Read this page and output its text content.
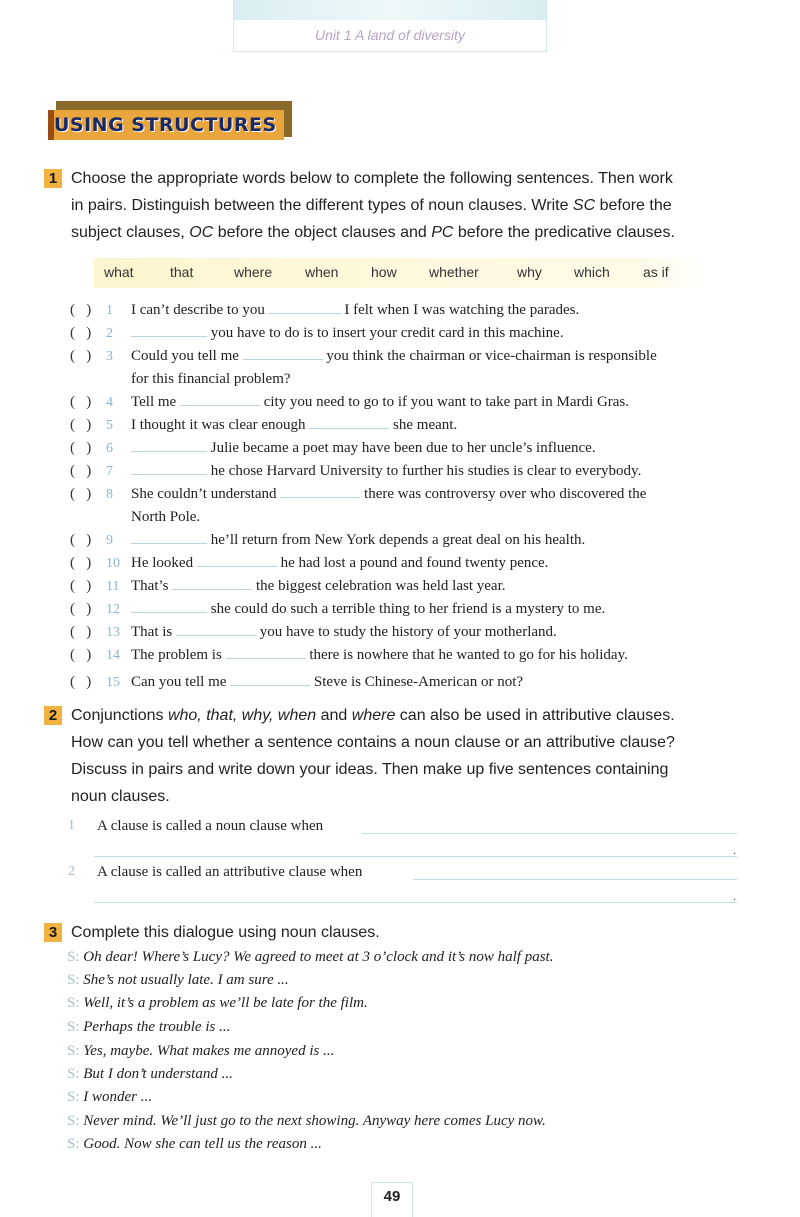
Unit 1 A land of diversity
USING STRUCTURES
1 Choose the appropriate words below to complete the following sentences. Then work
in pairs. Distinguish between the different types of noun clauses. Write SC before the
subject clauses, OC before the object clauses and PC before the predicative clauses.
what	that	where when how whether	why which as if
(   ) 1 I can’t describe to you	I felt when I was watching the parades.
(   ) 2	you have to do is to insert your credit card in this machine.
(   ) 3 Could you tell me	you think the chairman or vice-chairman is responsible
for this financial problem?
(   ) 4 Tell me	city you need to go to if you want to take part in Mardi Gras.
(   ) 5 I thought it was clear enough	she meant.
(   ) 6	Julie became a poet may have been due to her uncle’s influence.
(   ) 7	he chose Harvard University to further his studies is clear to everybody.
(   ) 8 She couldn’t understand	there was controversy over who discovered the
North Pole.
(   ) 9	he’ll return from New York depends a great deal on his health.
(   ) 10 He looked	he had lost a pound and found twenty pence.
(   ) 11 That’s	the biggest celebration was held last year.
(   ) 12	she could do such a terrible thing to her friend is a mystery to me.
(   ) 13 That is	you have to study the history of your motherland.
(   ) 14 The problem is	there is nowhere that he wanted to go for his holiday.
(   ) 15 Can you tell me	Steve is Chinese-American or not?
2 Conjunctions who, that, why, when and where can also be used in attributive clauses.
How can you tell whether a sentence contains a noun clause or an attributive clause?
Discuss in pairs and write down your ideas. Then make up five sentences containing
noun clauses.
1 A clause is called a noun clause when
.
2 A clause is called an attributive clause when
.
3 Complete this dialogue using noun clauses.
S: Oh dear! Where’s Lucy? We agreed to meet at 3 o’clock and it’s now half past.
S: She’s not usually late. I am sure ...
S: Well, it’s a problem as we’ll be late for the film.
S: Perhaps the trouble is ...
S: Yes, maybe. What makes me annoyed is ...
S: But I don’t understand ...
S: I wonder ...
S: Never mind. We’ll just go to the next showing. Anyway here comes Lucy now.
S: Good. Now she can tell us the reason ...
49
